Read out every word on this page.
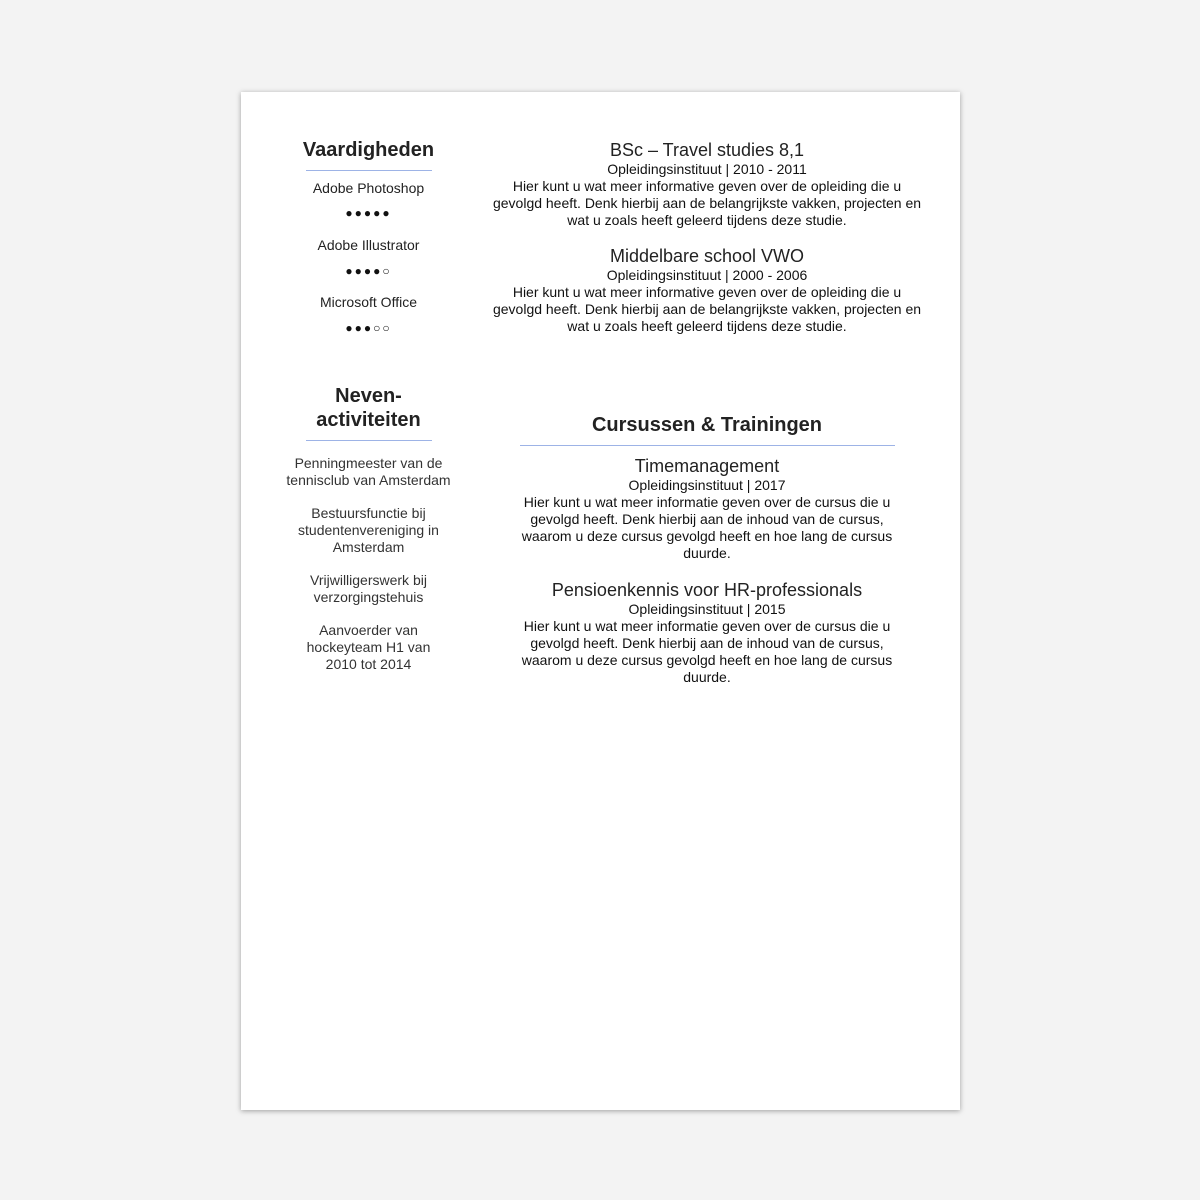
Vaardigheden
Adobe Photoshop
●●●●●
Adobe Illustrator
●●●●○
Microsoft Office
●●●○○
Neven-
activiteiten
Penningmeester van de tennisclub van Amsterdam
Bestuursfunctie bij studentenvereniging in Amsterdam
Vrijwilligerswerk bij verzorgingstehuis
Aanvoerder van hockeyteam H1 van 2010 tot 2014
BSc – Travel studies 8,1
Opleidingsinstituut | 2010 - 2011
Hier kunt u wat meer informative geven over de opleiding die u gevolgd heeft. Denk hierbij aan de belangrijkste vakken, projecten en wat u zoals heeft geleerd tijdens deze studie.
Middelbare school VWO
Opleidingsinstituut | 2000 - 2006
Hier kunt u wat meer informative geven over de opleiding die u gevolgd heeft. Denk hierbij aan de belangrijkste vakken, projecten en wat u zoals heeft geleerd tijdens deze studie.
Cursussen & Trainingen
Timemanagement
Opleidingsinstituut | 2017
Hier kunt u wat meer informatie geven over de cursus die u gevolgd heeft. Denk hierbij aan de inhoud van de cursus, waarom u deze cursus gevolgd heeft en hoe lang de cursus duurde.
Pensioenkennis voor HR-professionals
Opleidingsinstituut | 2015
Hier kunt u wat meer informatie geven over de cursus die u gevolgd heeft. Denk hierbij aan de inhoud van de cursus, waarom u deze cursus gevolgd heeft en hoe lang de cursus duurde.
